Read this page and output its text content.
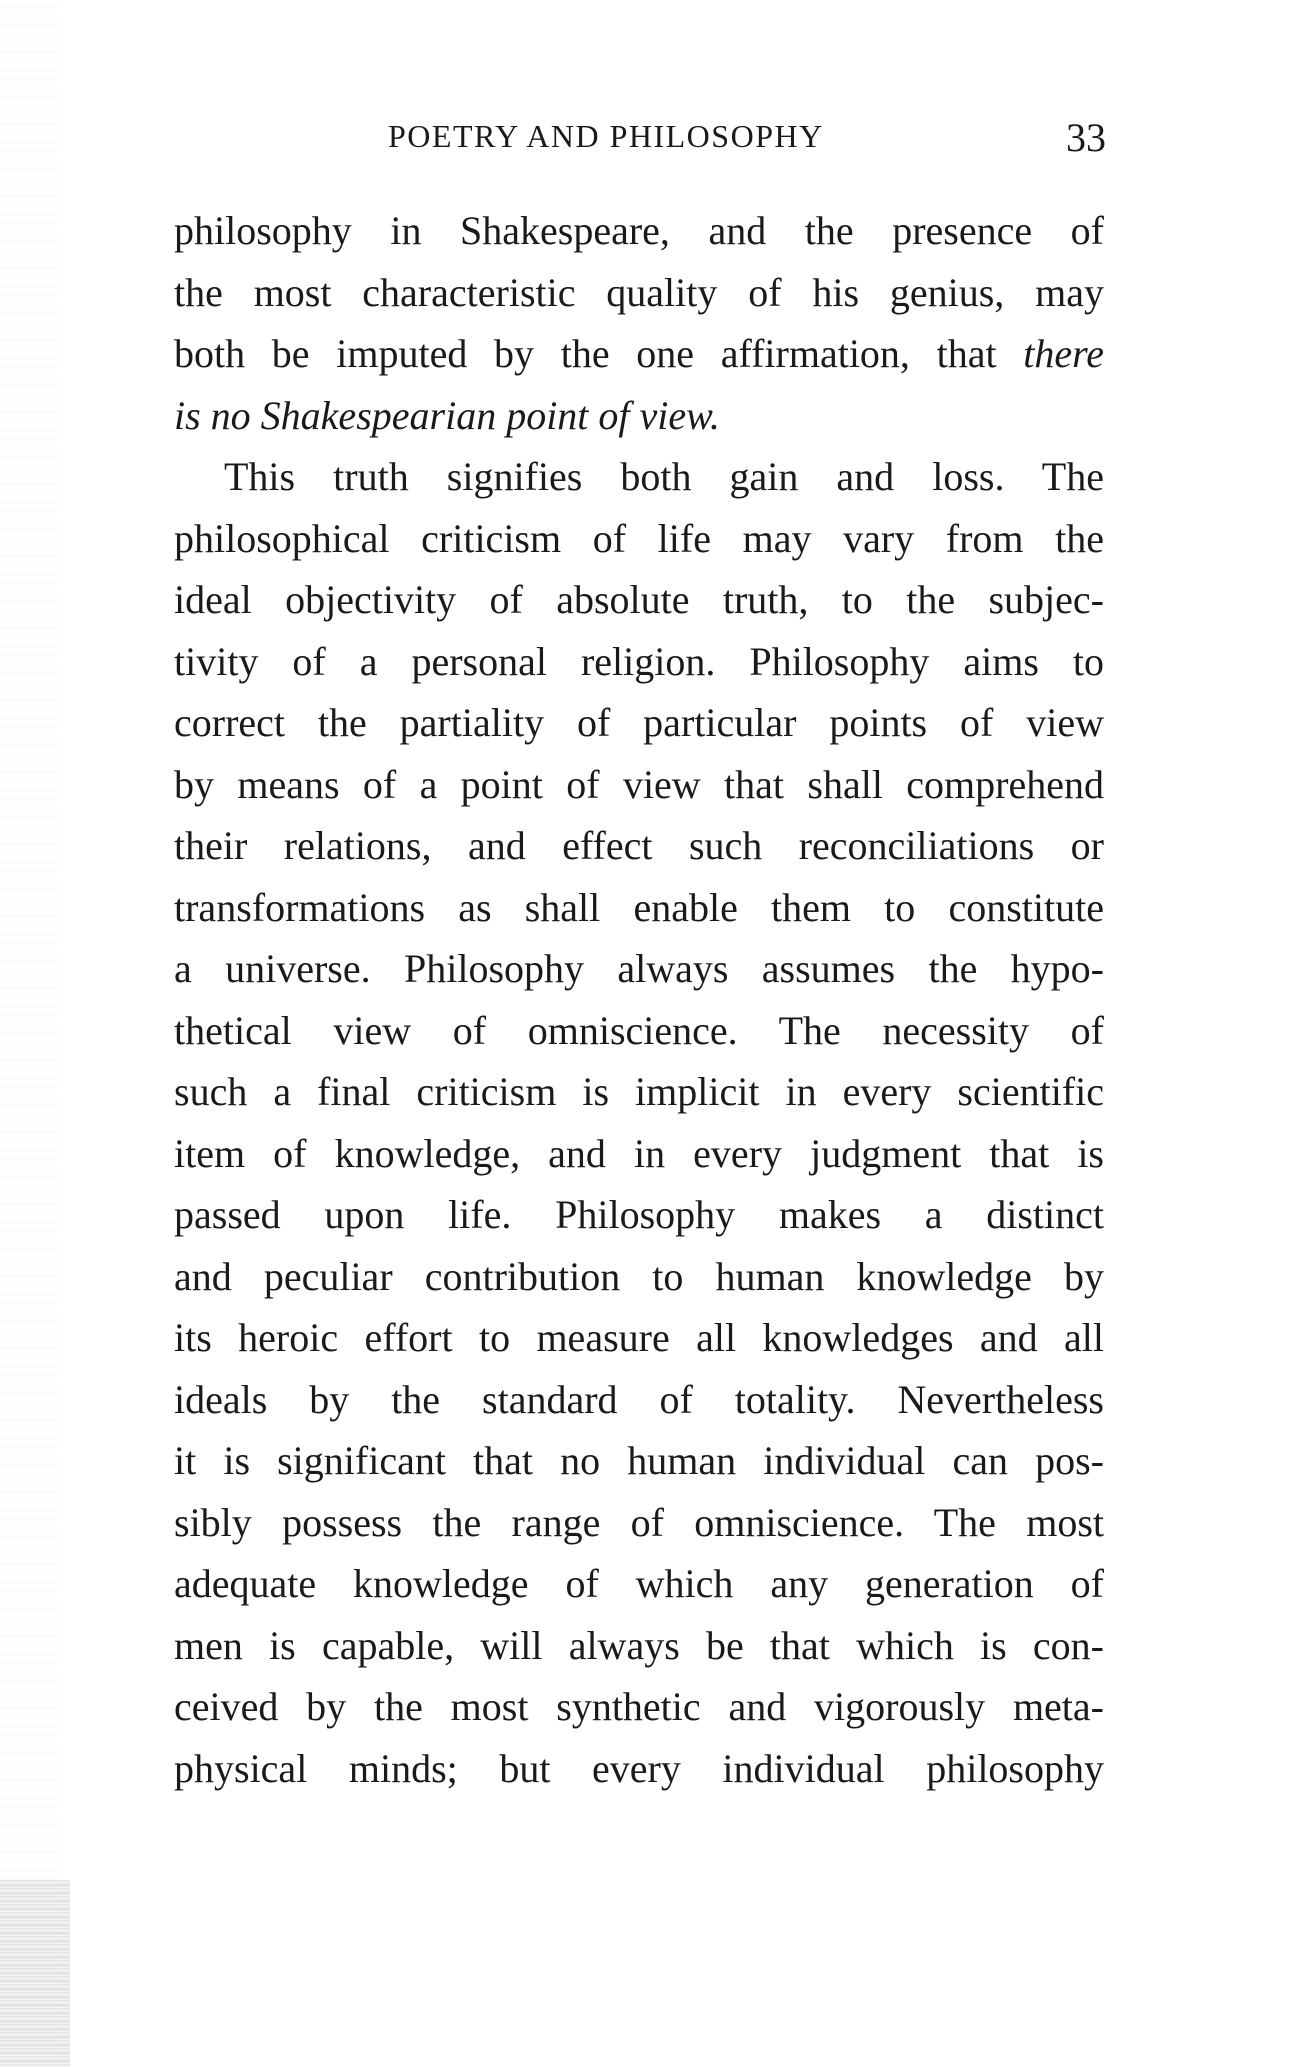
POETRY AND PHILOSOPHY	33
philosophy in Shakespeare, and the presence of
the most characteristic quality of his genius, may
both be imputed by the one affirmation, that there
is no Shakespearian point of view.
This truth signifies both gain and loss. The
philosophical criticism of life may vary from the
ideal objectivity of absolute truth, to the subjec-
tivity of a personal religion. Philosophy aims to
correct the partiality of particular points of view
by means of a point of view that shall comprehend
their relations, and effect such reconciliations or
transformations as shall enable them to constitute
a universe. Philosophy always assumes the hypo-
thetical view of omniscience. The necessity of
such a final criticism is implicit in every scientific
item of knowledge, and in every judgment that is
passed upon life. Philosophy makes a distinct
and peculiar contribution to human knowledge by
its heroic effort to measure all knowledges and all
ideals by the standard of totality. Nevertheless
it is significant that no human individual can pos-
sibly possess the range of omniscience. The most
adequate knowledge of which any generation of
men is capable, will always be that which is con-
ceived by the most synthetic and vigorously meta-
physical minds; but every individual philosophy
